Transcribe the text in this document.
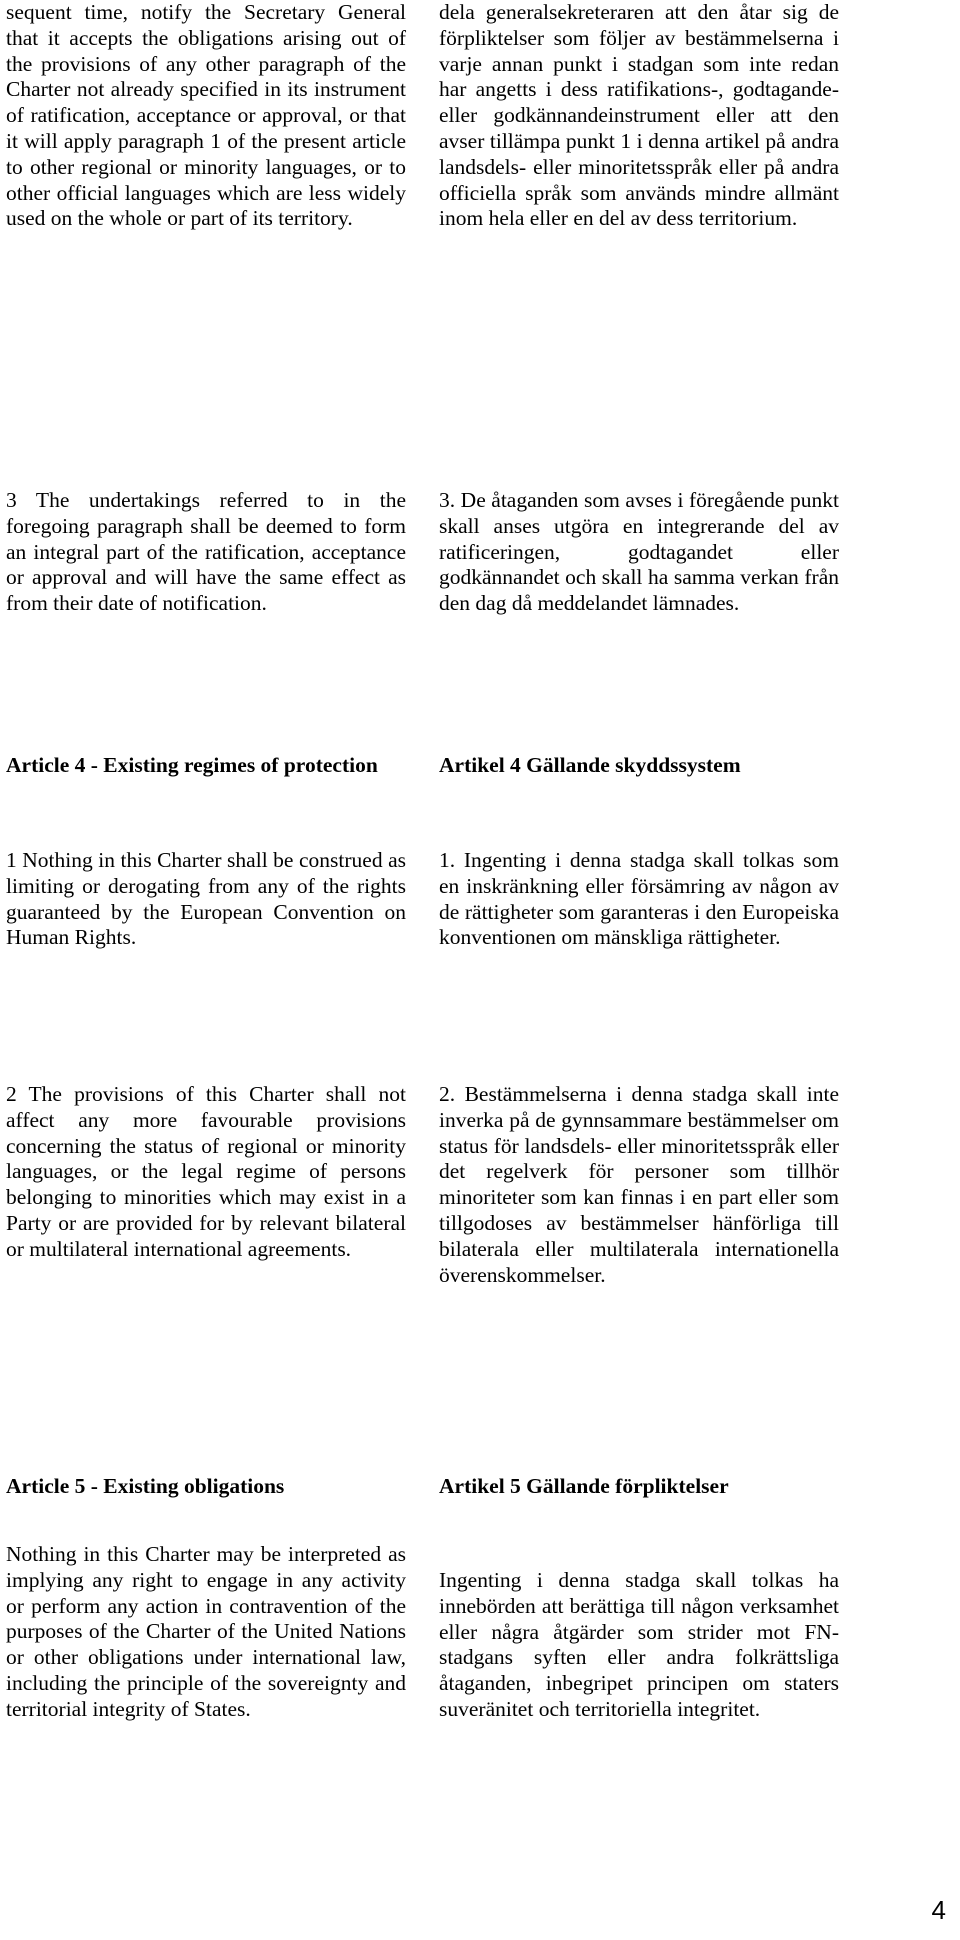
sequent time, notify the Secretary General that it accepts the obligations arising out of the provisions of any other paragraph of the Charter not already specified in its instrument of ratification, acceptance or approval, or that it will apply paragraph 1 of the present article to other regional or minority languages, or to other official languages which are less widely used on the whole or part of its territory.

3 The undertakings referred to in the foregoing paragraph shall be deemed to form an integral part of the ratification, acceptance or approval and will have the same effect as from their date of notification.

Article 4 - Existing regimes of protection

1 Nothing in this Charter shall be construed as limiting or derogating from any of the rights guaranteed by the European Convention on Human Rights.

2 The provisions of this Charter shall not affect any more favourable provisions concerning the status of regional or minority languages, or the legal regime of persons belonging to minorities which may exist in a Party or are provided for by relevant bilateral or multilateral international agreements.

Article 5 - Existing obligations

Nothing in this Charter may be interpreted as implying any right to engage in any activity or perform any action in contravention of the purposes of the Charter of the United Nations or other obligations under international law, including the principle of the sovereignty and territorial integrity of States.

dela generalsekreteraren att den åtar sig de förpliktelser som följer av bestämmelserna i varje annan punkt i stadgan som inte redan har angetts i dess ratifikations-, godtagande- eller godkännandeinstrument eller att den avser tillämpa punkt 1 i denna artikel på andra landsdels- eller minoritetsspråk eller på andra officiella språk som används mindre allmänt inom hela eller en del av dess territorium.

3. De åtaganden som avses i föregående punkt skall anses utgöra en integrerande del av ratificeringen, godtagandet eller godkännandet och skall ha samma verkan från den dag då meddelandet lämnades.

Artikel 4 Gällande skyddssystem

1. Ingenting i denna stadga skall tolkas som en inskränkning eller försämring av någon av de rättigheter som garanteras i den Europeiska konventionen om mänskliga rättigheter.

2. Bestämmelserna i denna stadga skall inte inverka på de gynnsammare bestämmelser om status för landsdels- eller minoritetsspråk eller det regelverk för personer som tillhör minoriteter som kan finnas i en part eller som tillgodoses av bestämmelser hänförliga till bilaterala eller multilaterala internationella överenskommelser.

Artikel 5 Gällande förpliktelser

Ingenting i denna stadga skall tolkas ha innebörden att berättiga till någon verksamhet eller några åtgärder som strider mot FN-stadgans syften eller andra folkrättsliga åtaganden, inbegripet principen om staters suveränitet och territoriella integritet.

4
